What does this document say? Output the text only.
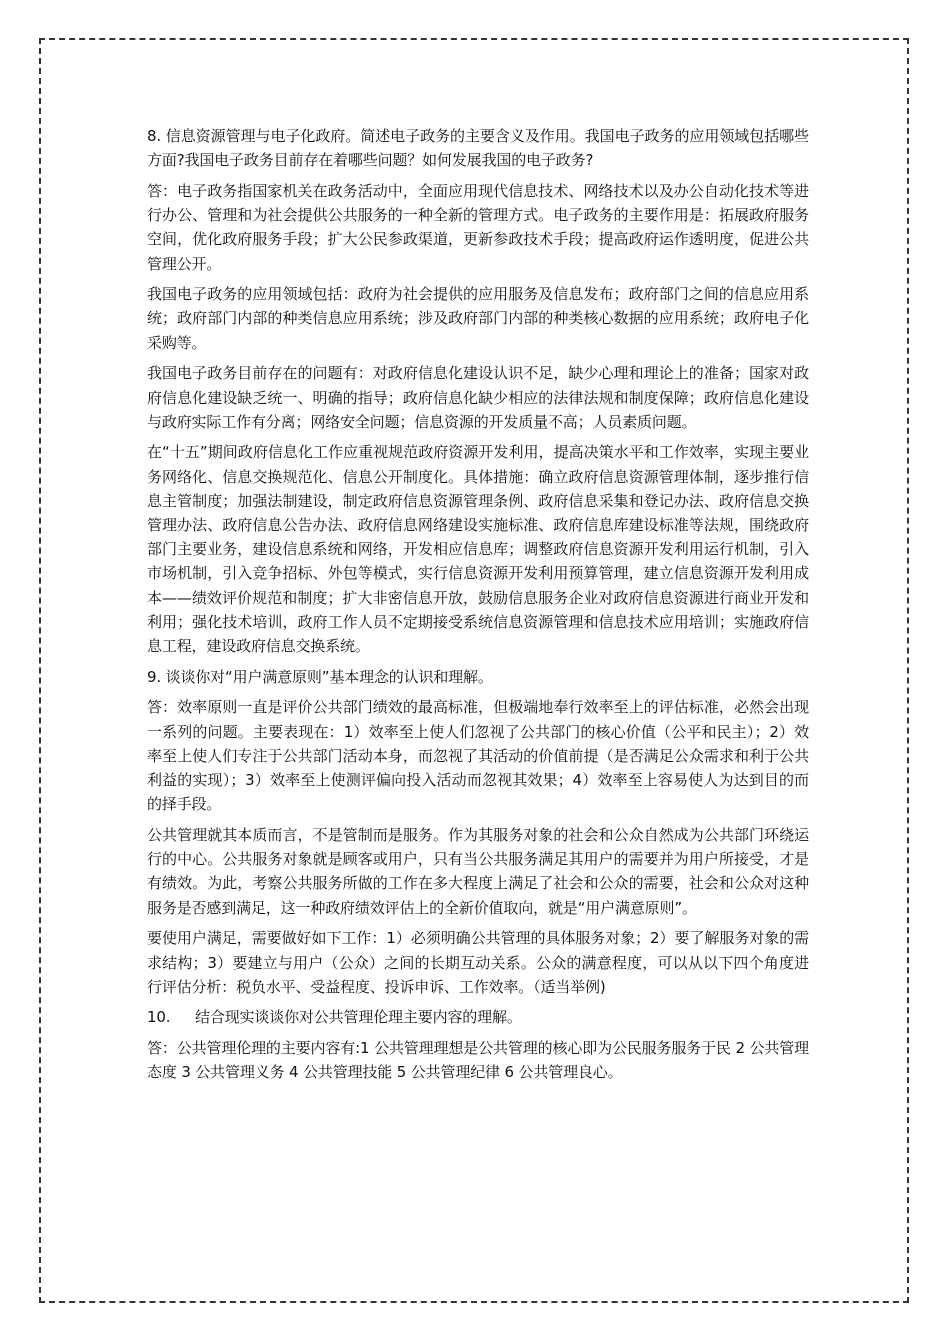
8. 信息资源管理与电子化政府。简述电子政务的主要含义及作用。我国电子政务的应用领域包括哪些方面?我国电子政务目前存在着哪些问题？如何发展我国的电子政务?

答：电子政务指国家机关在政务活动中，全面应用现代信息技术、网络技术以及办公自动化技术等进行办公、管理和为社会提供公共服务的一种全新的管理方式。电子政务的主要作用是：拓展政府服务空间，优化政府服务手段；扩大公民参政渠道，更新参政技术手段；提高政府运作透明度，促进公共管理公开。

我国电子政务的应用领域包括：政府为社会提供的应用服务及信息发布；政府部门之间的信息应用系统；政府部门内部的种类信息应用系统；涉及政府部门内部的种类核心数据的应用系统；政府电子化采购等。

我国电子政务目前存在的问题有：对政府信息化建设认识不足，缺少心理和理论上的准备；国家对政府信息化建设缺乏统一、明确的指导；政府信息化缺少相应的法律法规和制度保障；政府信息化建设与政府实际工作有分离；网络安全问题；信息资源的开发质量不高；人员素质问题。

在“十五”期间政府信息化工作应重视规范政府资源开发利用，提高决策水平和工作效率，实现主要业务网络化、信息交换规范化、信息公开制度化。具体措施：确立政府信息资源管理体制，逐步推行信息主管制度；加强法制建设，制定政府信息资源管理条例、政府信息采集和登记办法、政府信息交换管理办法、政府信息公告办法、政府信息网络建设实施标准、政府信息库建设标准等法规，围绕政府部门主要业务，建设信息系统和网络，开发相应信息库；调整政府信息资源开发利用运行机制，引入市场机制，引入竞争招标、外包等模式，实行信息资源开发利用预算管理，建立信息资源开发利用成本——绩效评价规范和制度；扩大非密信息开放，鼓励信息服务企业对政府信息资源进行商业开发和利用；强化技术培训，政府工作人员不定期接受系统信息资源管理和信息技术应用培训；实施政府信息工程，建设政府信息交换系统。

9. 谈谈你对“用户满意原则”基本理念的认识和理解。

答：效率原则一直是评价公共部门绩效的最高标准，但极端地奉行效率至上的评估标准，必然会出现一系列的问题。主要表现在：1）效率至上使人们忽视了公共部门的核心价值（公平和民主）；2）效率至上使人们专注于公共部门活动本身，而忽视了其活动的价值前提（是否满足公众需求和利于公共利益的实现）；3）效率至上使测评偏向投入活动而忽视其效果；4）效率至上容易使人为达到目的而的择手段。

公共管理就其本质而言，不是管制而是服务。作为其服务对象的社会和公众自然成为公共部门环绕运行的中心。公共服务对象就是顾客或用户，只有当公共服务满足其用户的需要并为用户所接受，才是有绩效。为此，考察公共服务所做的工作在多大程度上满足了社会和公众的需要，社会和公众对这种服务是否感到满足，这一种政府绩效评估上的全新价值取向，就是“用户满意原则”。

要使用户满足，需要做好如下工作：1）必须明确公共管理的具体服务对象；2）要了解服务对象的需求结构；3）要建立与用户（公众）之间的长期互动关系。公众的满意程度，可以从以下四个角度进行评估分析：税负水平、受益程度、投诉申诉、工作效率。（适当举例)

10. 结合现实谈谈你对公共管理伦理主要内容的理解。

答：公共管理伦理的主要内容有:1 公共管理理想是公共管理的核心即为公民服务服务于民 2 公共管理态度 3 公共管理义务 4 公共管理技能 5 公共管理纪律 6 公共管理良心。
